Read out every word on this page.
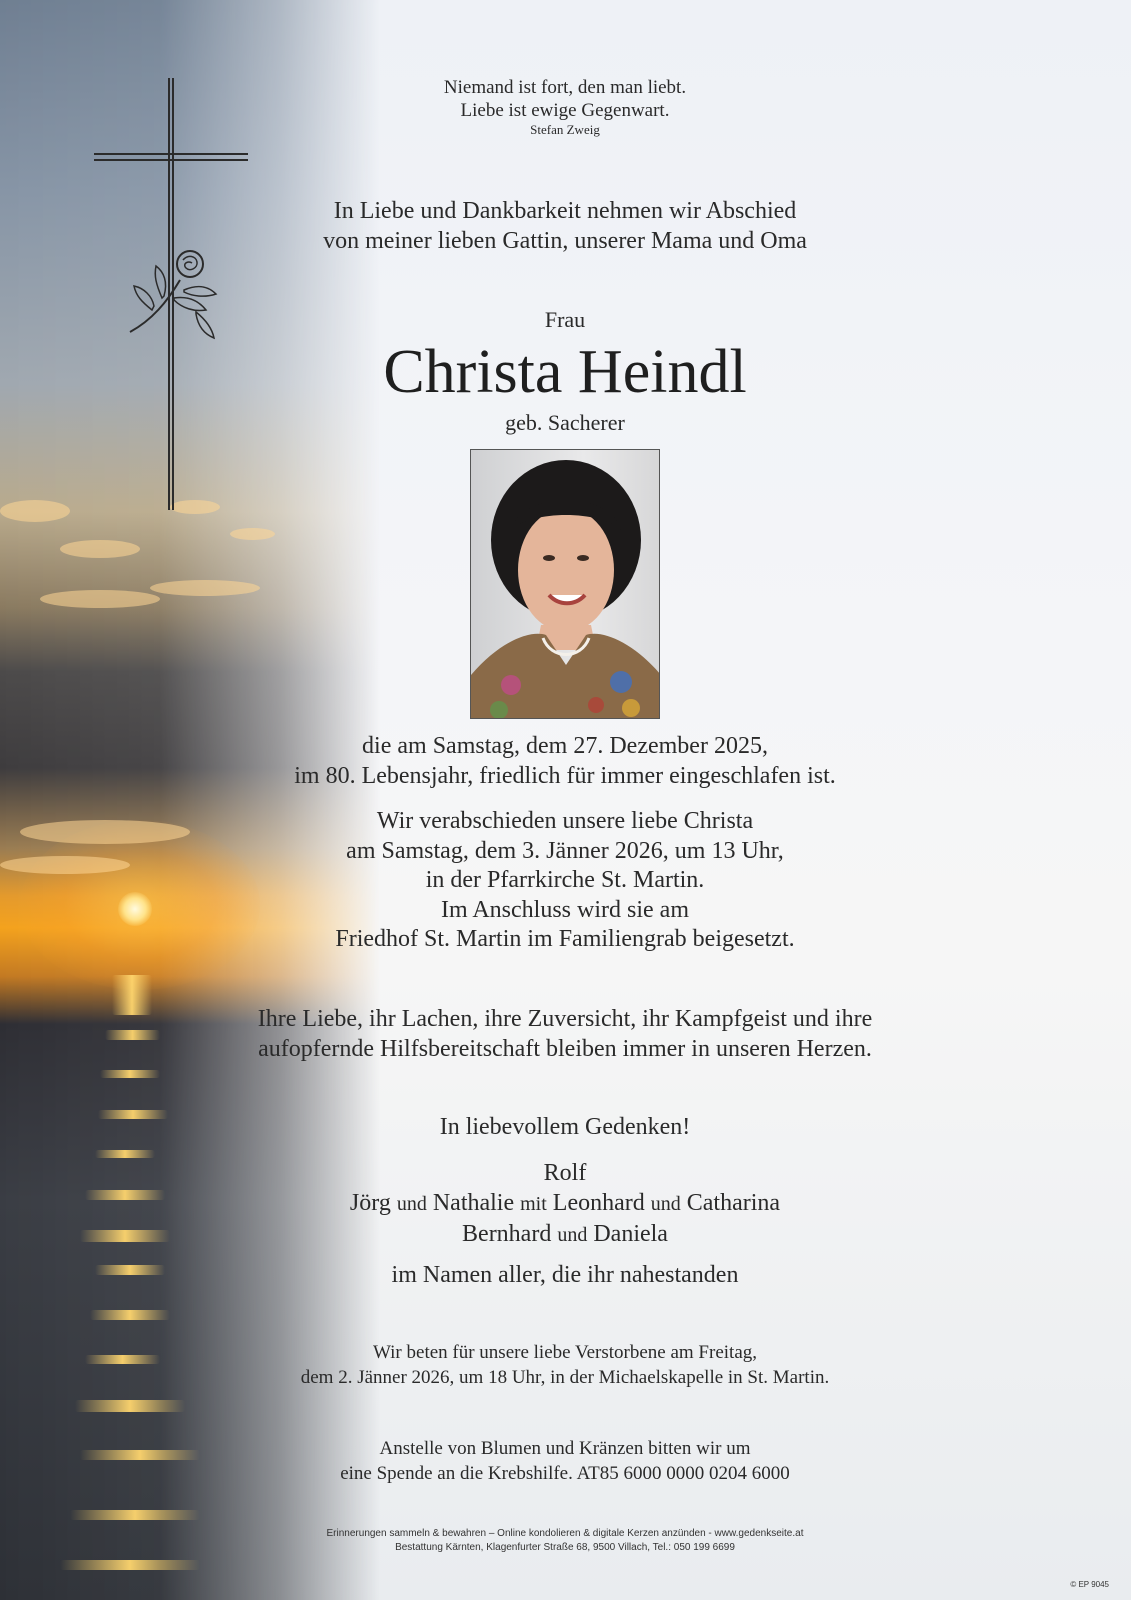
Niemand ist fort, den man liebt.
Liebe ist ewige Gegenwart.

Stefan Zweig

In Liebe und Dankbarkeit nehmen wir Abschied
von meiner lieben Gattin, unserer Mama und Oma

Frau

Christa Heindl

geb. Sacherer

die am Samstag, dem 27. Dezember 2025,
im 80. Lebensjahr, friedlich für immer eingeschlafen ist.

Wir verabschieden unsere liebe Christa
am Samstag, dem 3. Jänner 2026, um 13 Uhr,
in der Pfarrkirche St. Martin.
Im Anschluss wird sie am
Friedhof St. Martin im Familiengrab beigesetzt.

Ihre Liebe, ihr Lachen, ihre Zuversicht, ihr Kampfgeist und ihre
aufopfernde Hilfsbereitschaft bleiben immer in unseren Herzen.

In liebevollem Gedenken!

Rolf
Jörg und Nathalie mit Leonhard und Catharina
Bernhard und Daniela

im Namen aller, die ihr nahestanden

Wir beten für unsere liebe Verstorbene am Freitag,
dem 2. Jänner 2026, um 18 Uhr, in der Michaelskapelle in St. Martin.

Anstelle von Blumen und Kränzen bitten wir um
eine Spende an die Krebshilfe. AT85 6000 0000 0204 6000

Erinnerungen sammeln & bewahren – Online kondolieren & digitale Kerzen anzünden - www.gedenkseite.at
Bestattung Kärnten, Klagenfurter Straße 68, 9500 Villach, Tel.: 050 199 6699

© EP 9045
